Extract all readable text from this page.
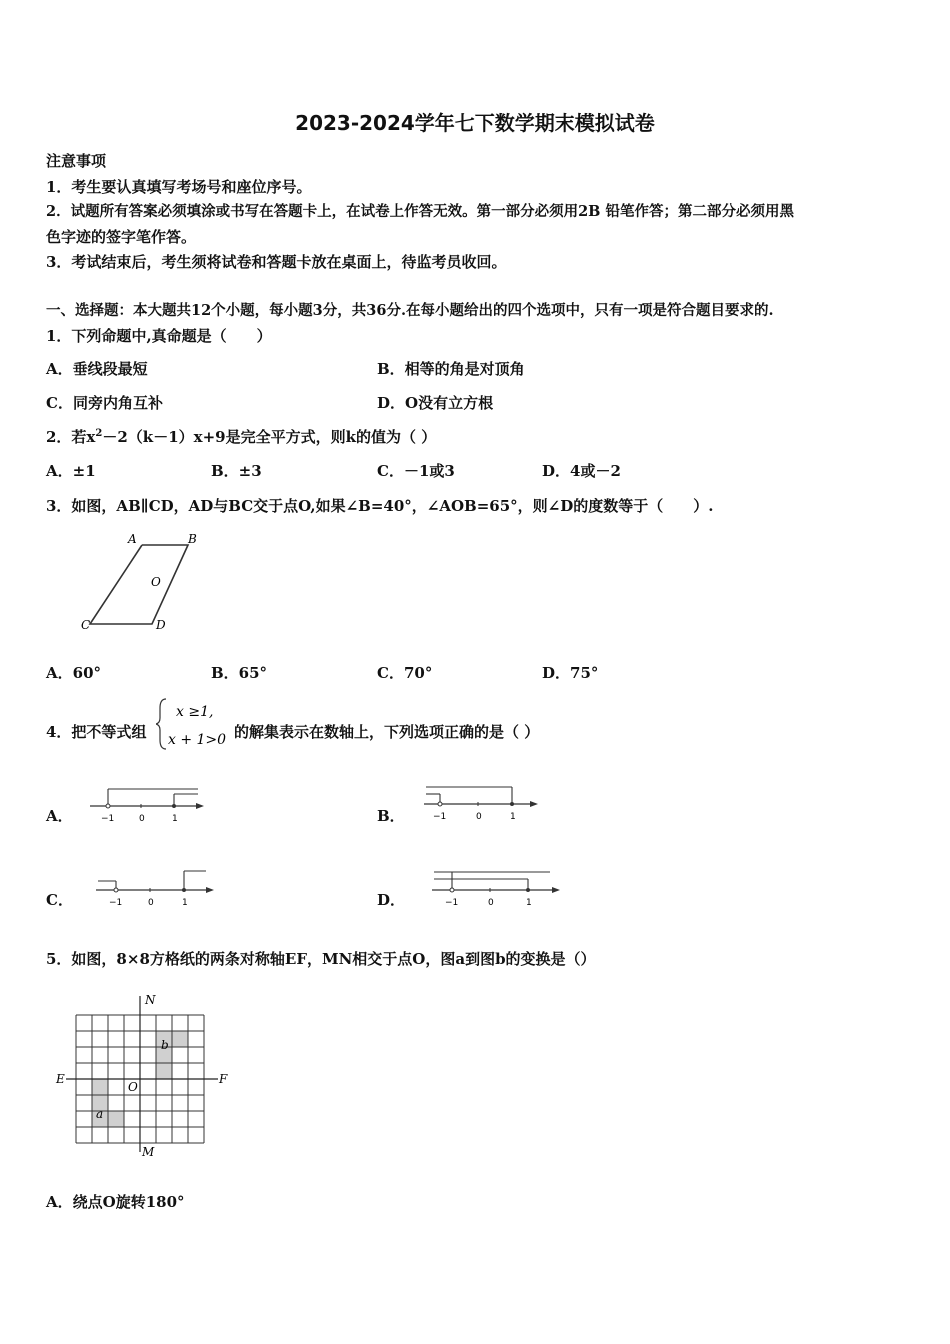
2023-2024学年七下数学期末模拟试卷
注意事项
1．考生要认真填写考场号和座位序号。
2．试题所有答案必须填涂或书写在答题卡上，在试卷上作答无效。第一部分必须用2B 铅笔作答；第二部分必须用黑
色字迹的签字笔作答。
3．考试结束后，考生须将试卷和答题卡放在桌面上，待监考员收回。
一、选择题：本大题共12个小题，每小题3分，共36分.在每小题给出的四个选项中，只有一项是符合题目要求的.
1．下列命题中,真命题是（　　）
A．垂线段最短	B．相等的角是对顶角
C．同旁内角互补	D．O没有立方根
2．若$x^2-2(k-1)x+9$是完全平方式，则k的值为（ ）
A．±1	B．±3	C．－1或3	D．4或－2
3．如图，AB∥CD，AD与BC交于点O,如果∠B=40°，∠AOB=65°，则∠D的度数等于（　　）.
A	B
O
C	D
A．60°	B．65°	C．70°	D．75°
4．把不等式组
x ≥1,
x + 1>0 的解集表示在数轴上，下列选项正确的是（ ）
A．	−1	0	1	B．	−1	0	1
C．	−1	0	1	D．	−1	0	1
5．如图，8×8方格纸的两条对称轴EF，MN相交于点O，图a到图b的变换是（）
N
M
E	F
O
a
b
A．绕点O旋转180°
